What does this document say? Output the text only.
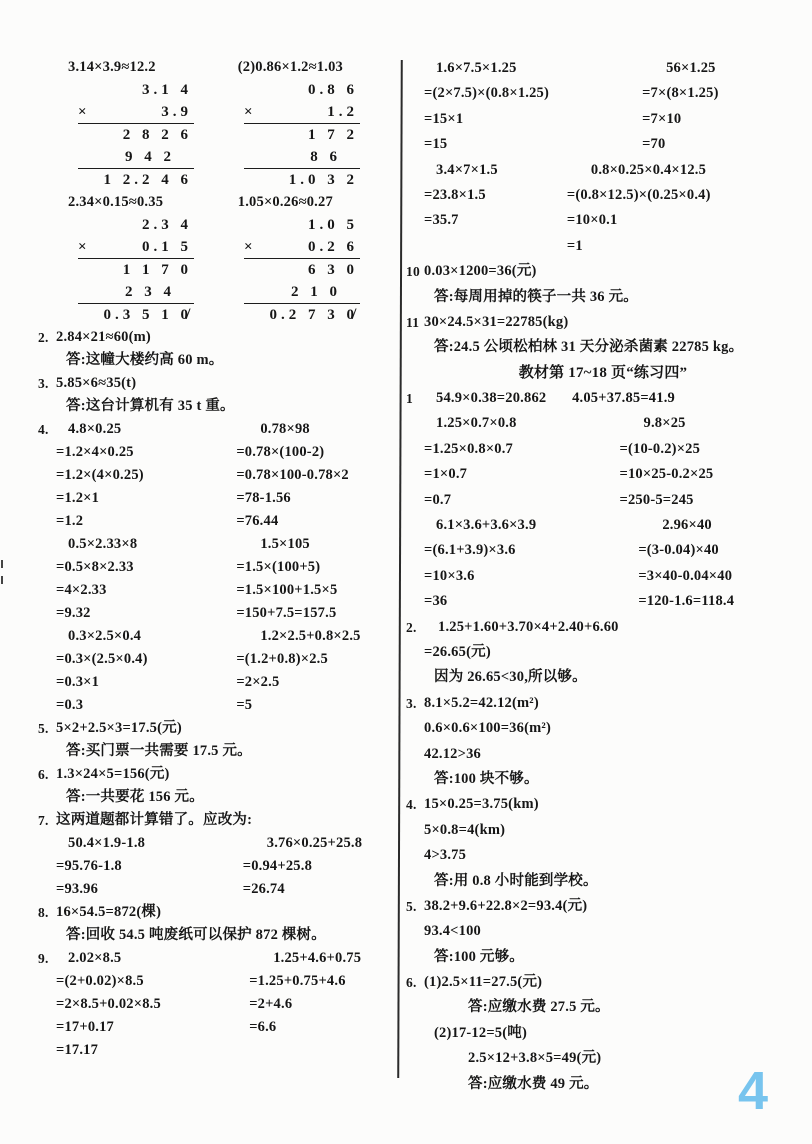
3.14×3.9≈12.2	(2)0.86×1.2≈1.03
3.1 4
×	3.9
2 8 2 6
9 4 2
1 2.2 4 6
0.8 6
×	1.2
1 7 2
8 6
1.0 3 2
2.34×0.15≈0.35	1.05×0.26≈0.27
2.3 4
×	0.1 5
1 1 7 0
2 3 4
0.3 5 1 0̸
1.0 5
×	0.2 6
6 3 0
2 1 0
0.2 7 3 0̸
2.84×21≈60(m)
2.
答:这幢大楼约高 60 m。
5.85×6≈35(t)
3.
答:这台计算机有 35 t 重。
4.8×0.25	0.78×98
4.
=1.2×4×0.25	=0.78×(100-2)
=1.2×(4×0.25)	=0.78×100-0.78×2
=1.2×1	=78-1.56
=1.2	=76.44
0.5×2.33×8	1.5×105
=0.5×8×2.33	=1.5×(100+5)
=4×2.33	=1.5×100+1.5×5
=9.32	=150+7.5=157.5
0.3×2.5×0.4	1.2×2.5+0.8×2.5
=0.3×(2.5×0.4)	=(1.2+0.8)×2.5
=0.3×1	=2×2.5
=0.3	=5
5×2+2.5×3=17.5(元)
5.
答:买门票一共需要 17.5 元。
1.3×24×5=156(元)
6.
答:一共要花 156 元。
这两道题都计算错了。应改为:
7.
50.4×1.9-1.8	3.76×0.25+25.8
=95.76-1.8	=0.94+25.8
=93.96	=26.74
16×54.5=872(棵)
8.
答:回收 54.5 吨废纸可以保护 872 棵树。
2.02×8.5	1.25+4.6+0.75
9.
=(2+0.02)×8.5	=1.25+0.75+4.6
=2×8.5+0.02×8.5	=2+4.6
=17+0.17	=6.6
=17.17
1.6×7.5×1.25	56×1.25
=(2×7.5)×(0.8×1.25)	=7×(8×1.25)
=15×1	=7×10
=15	=70
3.4×7×1.5	0.8×0.25×0.4×12.5
=23.8×1.5	=(0.8×12.5)×(0.25×0.4)
=35.7	=10×0.1
=1
0.03×1200=36(元)
10
答:每周用掉的筷子一共 36 元。
30×24.5×31=22785(kg)
11
答:24.5 公顷松柏林 31 天分泌杀菌素 22785 kg。
教材第 17~18 页“练习四”
54.9×0.38=20.862	4.05+37.85=41.9
1
1.25×0.7×0.8	9.8×25
=1.25×0.8×0.7	=(10-0.2)×25
=1×0.7	=10×25-0.2×25
=0.7	=250-5=245
6.1×3.6+3.6×3.9	2.96×40
=(6.1+3.9)×3.6	=(3-0.04)×40
=10×3.6	=3×40-0.04×40
=36	=120-1.6=118.4
1.25+1.60+3.70×4+2.40+6.60
2.
=26.65(元)
因为 26.65<30,所以够。
8.1×5.2=42.12(m²)
3.
0.6×0.6×100=36(m²)
42.12>36
答:100 块不够。
15×0.25=3.75(km)
4.
5×0.8=4(km)
4>3.75
答:用 0.8 小时能到学校。
38.2+9.6+22.8×2=93.4(元)
5.
93.4<100
答:100 元够。
(1)2.5×11=27.5(元)
6.
答:应缴水费 27.5 元。
(2)17-12=5(吨)
2.5×12+3.8×5=49(元)
答:应缴水费 49 元。	4
